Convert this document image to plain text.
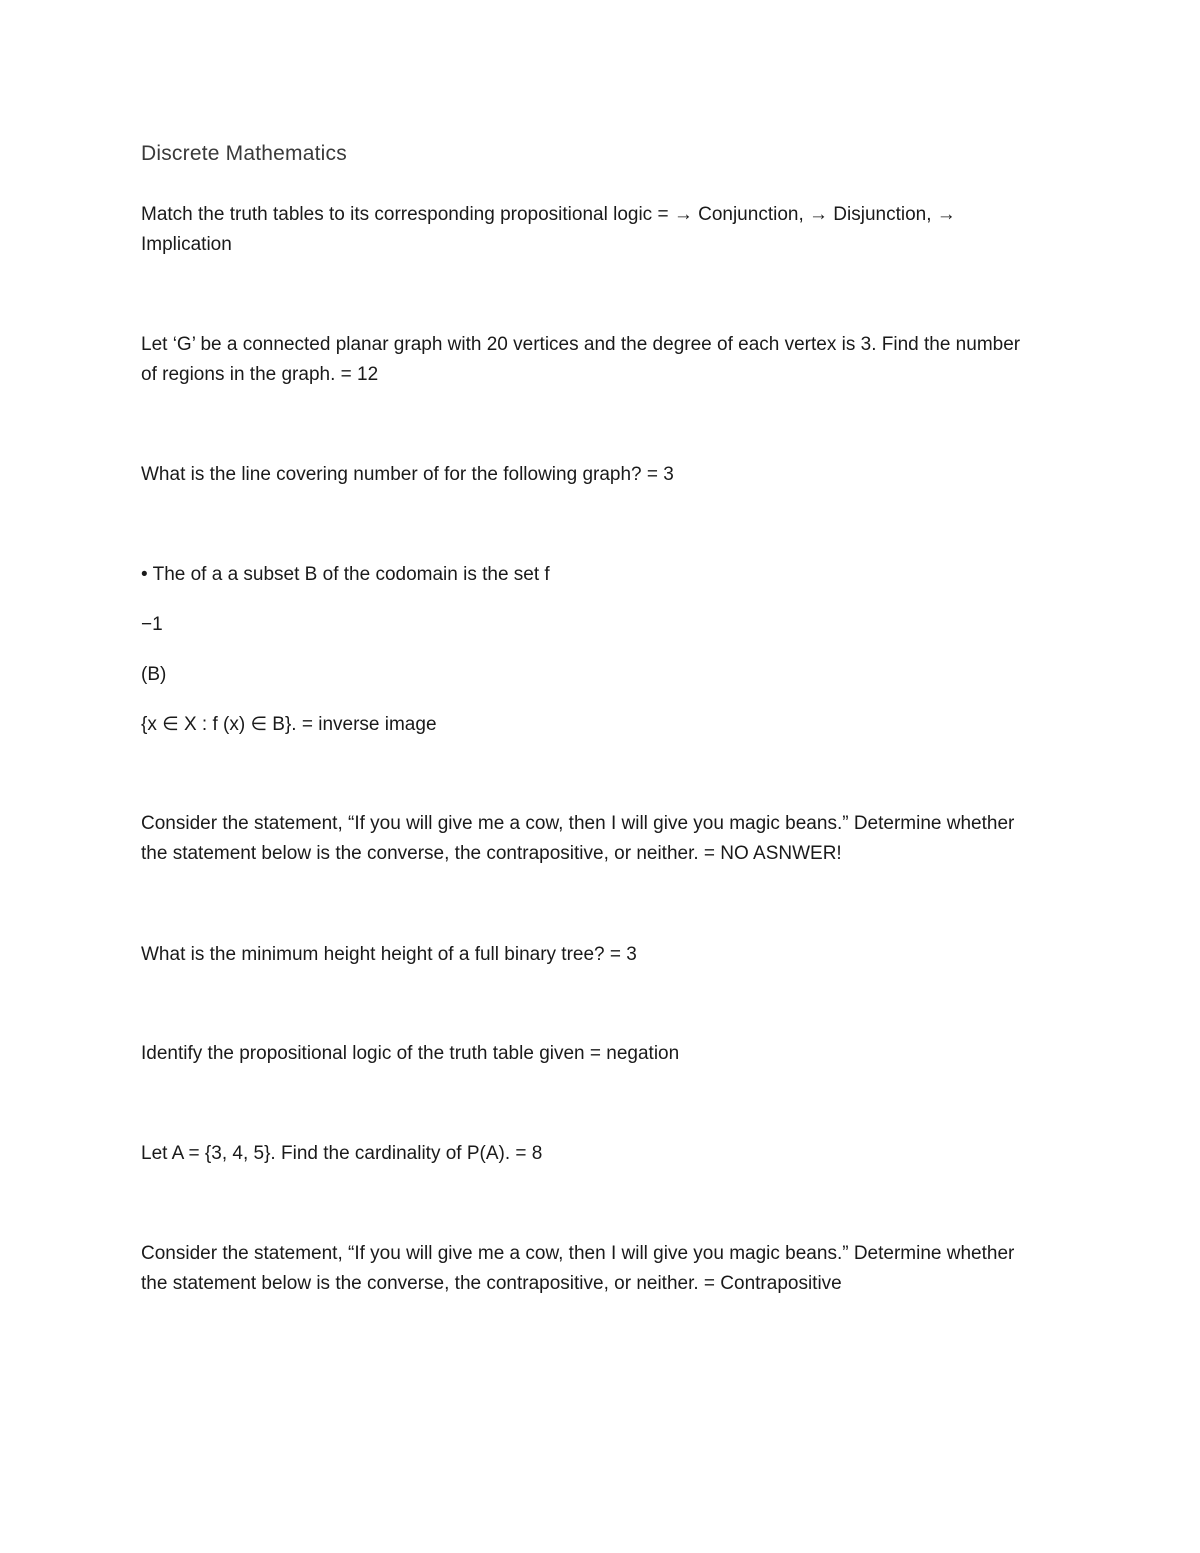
Discrete Mathematics
Match the truth tables to its corresponding propositional logic = → Conjunction, → Disjunction, →
Implication
Let ‘G’ be a connected planar graph with 20 vertices and the degree of each vertex is 3. Find the number
of regions in the graph. = 12
What is the line covering number of for the following graph? = 3
• The of a a subset B of the codomain is the set f
−1
(B)
{x ∈ X : f (x) ∈ B}. = inverse image
Consider the statement, “If you will give me a cow, then I will give you magic beans.” Determine whether
the statement below is the converse, the contrapositive, or neither. = NO ASNWER!
What is the minimum height height of a full binary tree? = 3
Identify the propositional logic of the truth table given = negation
Let A = {3, 4, 5}. Find the cardinality of P(A). = 8
Consider the statement, “If you will give me a cow, then I will give you magic beans.” Determine whether
the statement below is the converse, the contrapositive, or neither. = Contrapositive
